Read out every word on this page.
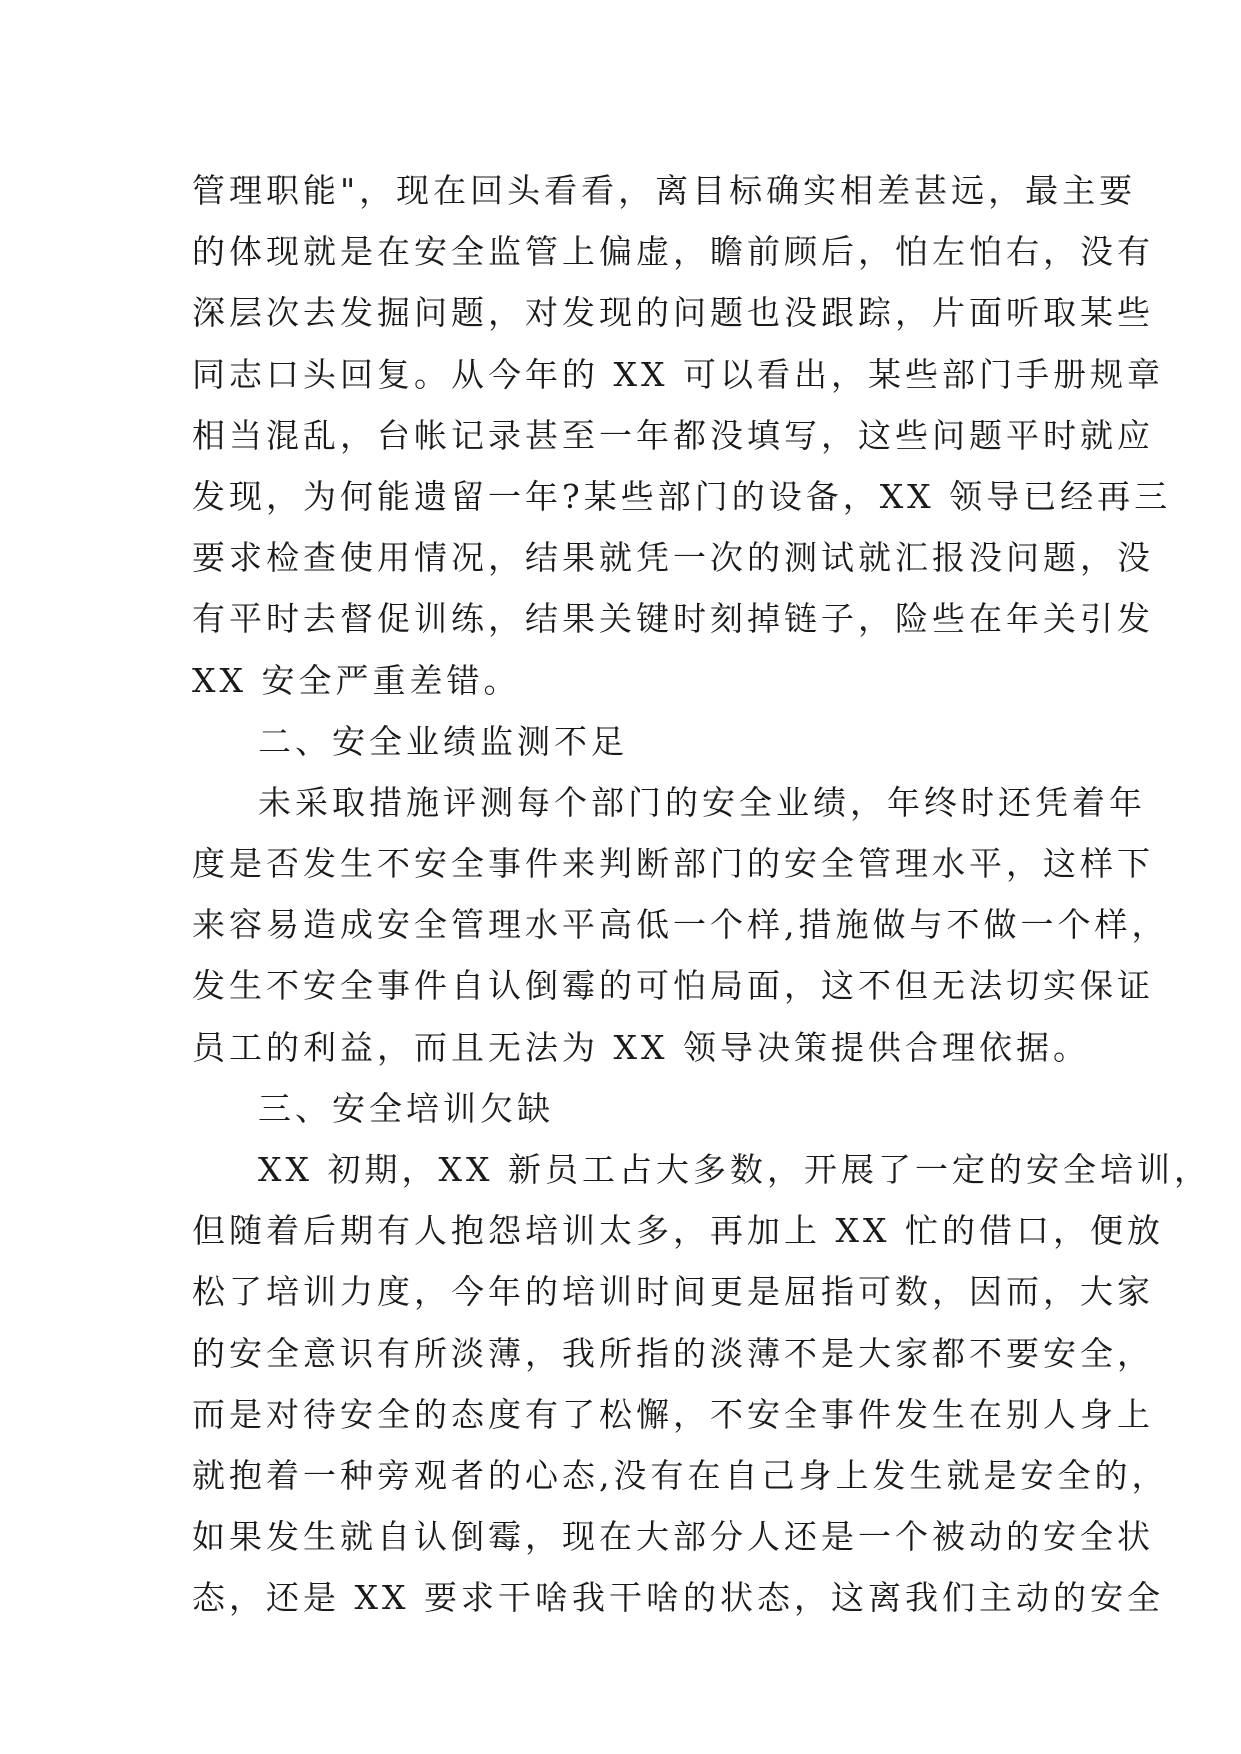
管理职能"，现在回头看看，离目标确实相差甚远，最主要
的体现就是在安全监管上偏虚，瞻前顾后，怕左怕右，没有
深层次去发掘问题，对发现的问题也没跟踪，片面听取某些
同志口头回复。从今年的 XX 可以看出，某些部门手册规章
相当混乱，台帐记录甚至一年都没填写，这些问题平时就应
发现，为何能遗留一年?某些部门的设备，XX 领导已经再三
要求检查使用情况，结果就凭一次的测试就汇报没问题，没
有平时去督促训练，结果关键时刻掉链子，险些在年关引发
XX 安全严重差错。
二、安全业绩监测不足
未采取措施评测每个部门的安全业绩，年终时还凭着年
度是否发生不安全事件来判断部门的安全管理水平，这样下
来容易造成安全管理水平高低一个样,措施做与不做一个样，
发生不安全事件自认倒霉的可怕局面，这不但无法切实保证
员工的利益，而且无法为 XX 领导决策提供合理依据。
三、安全培训欠缺
XX 初期，XX 新员工占大多数，开展了一定的安全培训，
但随着后期有人抱怨培训太多，再加上 XX 忙的借口，便放
松了培训力度，今年的培训时间更是屈指可数，因而，大家
的安全意识有所淡薄，我所指的淡薄不是大家都不要安全，
而是对待安全的态度有了松懈，不安全事件发生在别人身上
就抱着一种旁观者的心态,没有在自己身上发生就是安全的，
如果发生就自认倒霉，现在大部分人还是一个被动的安全状
态，还是 XX 要求干啥我干啥的状态，这离我们主动的安全
